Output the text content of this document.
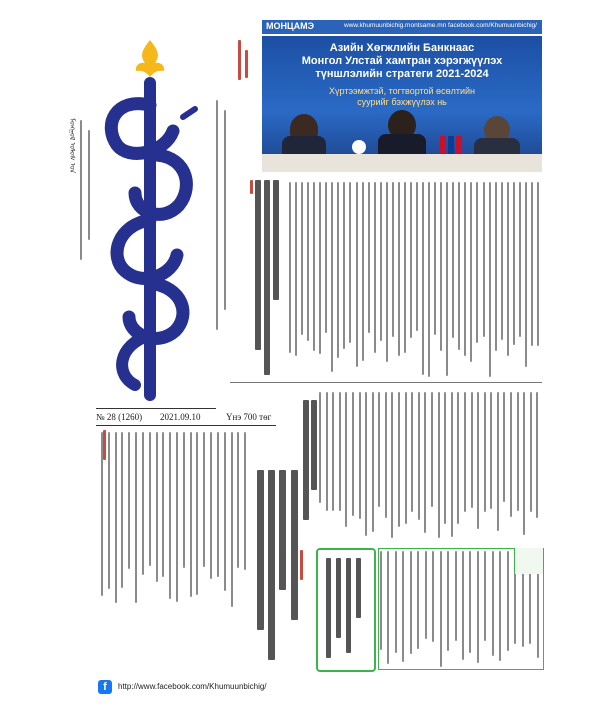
ᠮᠣᠩᠭᠣᠯ ᠤᠯᠤᠰ ᠤᠨ
№ 28 (1260) 2021.09.10	Үнэ 700 төг
МОНЦАМЭ	www.khumuunbichig.montsame.mn facebook.com/Khumuunbichig/
Азийн Хөгжлийн Банкнаас
Монгол Улстай хамтран хэрэгжүүлэх
түншлэлийн стратеги 2021-2024
Хүртээмжтэй, тогтвортой өсөлтийн
суурийг бэхжүүлэх нь
f	http://www.facebook.com/Khumuunbichig/
